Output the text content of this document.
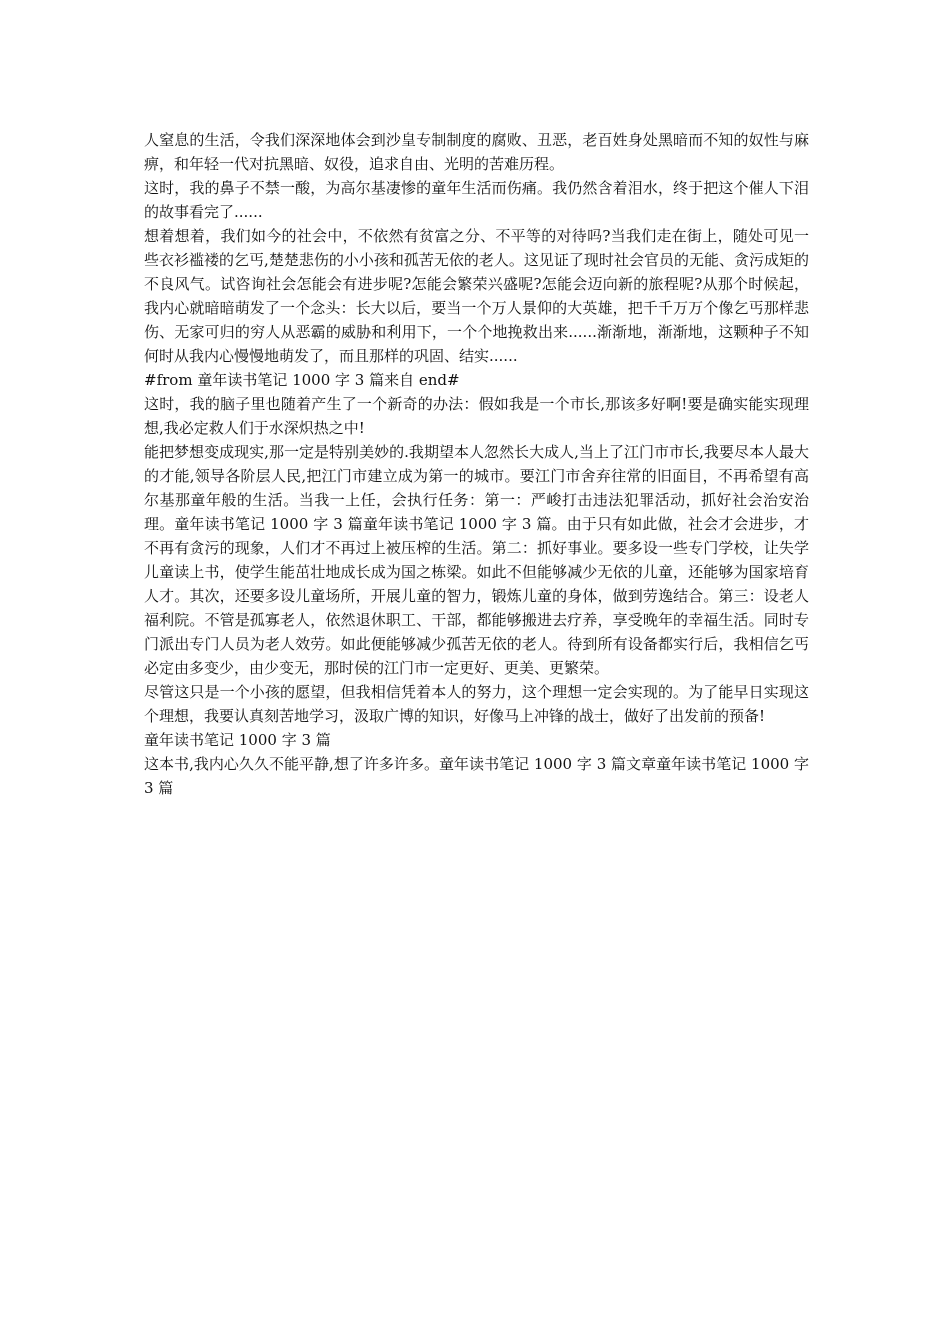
人窒息的生活，令我们深深地体会到沙皇专制制度的腐败、丑恶，老百姓身处黑暗而不知的奴性与麻痹，和年轻一代对抗黑暗、奴役，追求自由、光明的苦难历程。

这时，我的鼻子不禁一酸，为高尔基凄惨的童年生活而伤痛。我仍然含着泪水，终于把这个催人下泪的故事看完了......

想着想着，我们如今的社会中，不依然有贫富之分、不平等的对待吗?当我们走在街上，随处可见一些衣衫褴褛的乞丐,楚楚悲伤的小小孩和孤苦无依的老人。这见证了现时社会官员的无能、贪污成矩的不良风气。试咨询社会怎能会有进步呢?怎能会繁荣兴盛呢?怎能会迈向新的旅程呢?从那个时候起，我内心就暗暗萌发了一个念头：长大以后，要当一个万人景仰的大英雄，把千千万万个像乞丐那样悲伤、无家可归的穷人从恶霸的威胁和利用下，一个个地挽救出来......渐渐地，渐渐地，这颗种子不知何时从我内心慢慢地萌发了，而且那样的巩固、结实......

#from 童年读书笔记 1000 字 3 篇来自 end#

这时，我的脑子里也随着产生了一个新奇的办法：假如我是一个市长,那该多好啊!要是确实能实现理想,我必定救人们于水深炽热之中!

能把梦想变成现实,那一定是特别美妙的.我期望本人忽然长大成人,当上了江门市市长,我要尽本人最大的才能,领导各阶层人民,把江门市建立成为第一的城市。要江门市舍弃往常的旧面目，不再希望有高尔基那童年般的生活。当我一上任，会执行任务：第一：严峻打击违法犯罪活动，抓好社会治安治理。童年读书笔记 1000 字 3 篇童年读书笔记 1000 字 3 篇。由于只有如此做，社会才会进步，才不再有贪污的现象，人们才不再过上被压榨的生活。第二：抓好事业。要多设一些专门学校，让失学儿童读上书，使学生能茁壮地成长成为国之栋梁。如此不但能够减少无依的儿童，还能够为国家培育人才。其次，还要多设儿童场所，开展儿童的智力，锻炼儿童的身体，做到劳逸结合。第三：设老人福利院。不管是孤寡老人，依然退休职工、干部，都能够搬进去疗养，享受晚年的幸福生活。同时专门派出专门人员为老人效劳。如此便能够减少孤苦无依的老人。待到所有设备都实行后，我相信乞丐必定由多变少，由少变无，那时侯的江门市一定更好、更美、更繁荣。

尽管这只是一个小孩的愿望，但我相信凭着本人的努力，这个理想一定会实现的。为了能早日实现这个理想，我要认真刻苦地学习，汲取广博的知识，好像马上冲锋的战士，做好了出发前的预备!

童年读书笔记 1000 字 3 篇

这本书,我内心久久不能平静,想了许多许多。童年读书笔记 1000 字 3 篇文章童年读书笔记 1000 字 3 篇
